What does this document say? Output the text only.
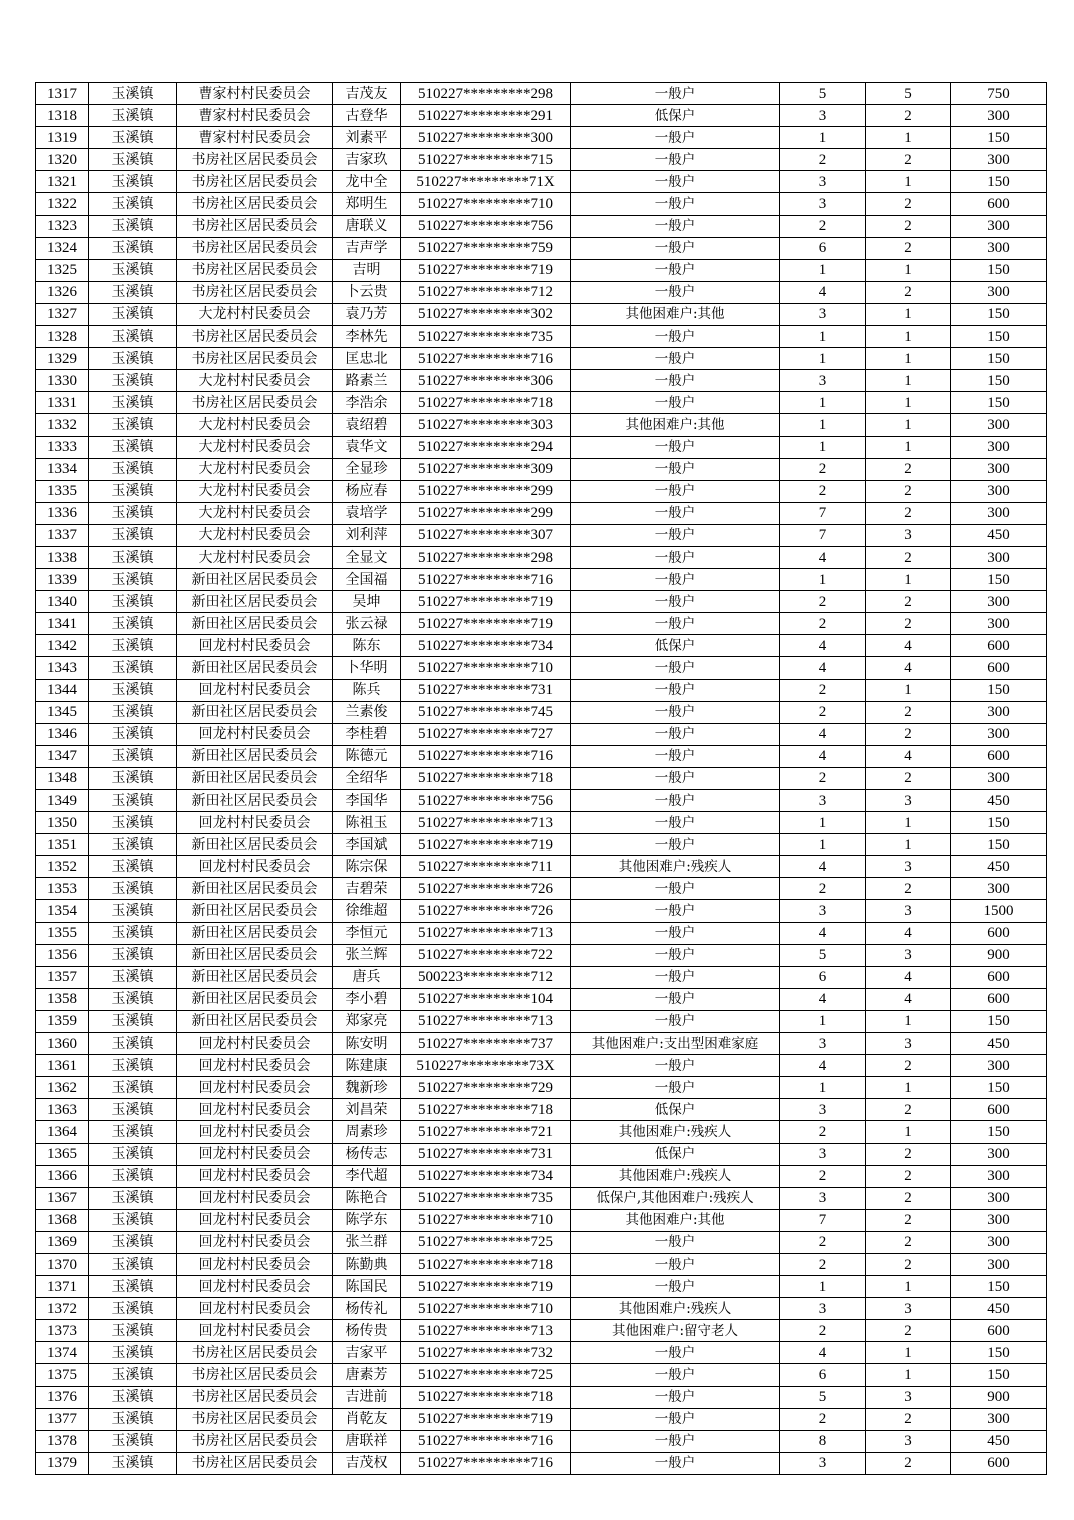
1317	玉溪镇	曹家村村民委员会	吉茂友	510227*********298	一般户	5	5	750
1318	玉溪镇	曹家村村民委员会	古登华	510227*********291	低保户	3	2	300
1319	玉溪镇	曹家村村民委员会	刘素平	510227*********300	一般户	1	1	150
1320	玉溪镇	书房社区居民委员会	吉家玖	510227*********715	一般户	2	2	300
1321	玉溪镇	书房社区居民委员会	龙中全	510227*********71X	一般户	3	1	150
1322	玉溪镇	书房社区居民委员会	郑明生	510227*********710	一般户	3	2	600
1323	玉溪镇	书房社区居民委员会	唐联义	510227*********756	一般户	2	2	300
1324	玉溪镇	书房社区居民委员会	吉声学	510227*********759	一般户	6	2	300
1325	玉溪镇	书房社区居民委员会	吉明	510227*********719	一般户	1	1	150
1326	玉溪镇	书房社区居民委员会	卜云贵	510227*********712	一般户	4	2	300
1327	玉溪镇	大龙村村民委员会	袁乃芳	510227*********302	其他困难户:其他	3	1	150
1328	玉溪镇	书房社区居民委员会	李林先	510227*********735	一般户	1	1	150
1329	玉溪镇	书房社区居民委员会	匡忠北	510227*********716	一般户	1	1	150
1330	玉溪镇	大龙村村民委员会	路素兰	510227*********306	一般户	3	1	150
1331	玉溪镇	书房社区居民委员会	李浩余	510227*********718	一般户	1	1	150
1332	玉溪镇	大龙村村民委员会	袁绍碧	510227*********303	其他困难户:其他	1	1	300
1333	玉溪镇	大龙村村民委员会	袁华文	510227*********294	一般户	1	1	300
1334	玉溪镇	大龙村村民委员会	全显珍	510227*********309	一般户	2	2	300
1335	玉溪镇	大龙村村民委员会	杨应春	510227*********299	一般户	2	2	300
1336	玉溪镇	大龙村村民委员会	袁培学	510227*********299	一般户	7	2	300
1337	玉溪镇	大龙村村民委员会	刘利萍	510227*********307	一般户	7	3	450
1338	玉溪镇	大龙村村民委员会	全显文	510227*********298	一般户	4	2	300
1339	玉溪镇	新田社区居民委员会	全国福	510227*********716	一般户	1	1	150
1340	玉溪镇	新田社区居民委员会	吴坤	510227*********719	一般户	2	2	300
1341	玉溪镇	新田社区居民委员会	张云禄	510227*********719	一般户	2	2	300
1342	玉溪镇	回龙村村民委员会	陈东	510227*********734	低保户	4	4	600
1343	玉溪镇	新田社区居民委员会	卜华明	510227*********710	一般户	4	4	600
1344	玉溪镇	回龙村村民委员会	陈兵	510227*********731	一般户	2	1	150
1345	玉溪镇	新田社区居民委员会	兰素俊	510227*********745	一般户	2	2	300
1346	玉溪镇	回龙村村民委员会	李桂碧	510227*********727	一般户	4	2	300
1347	玉溪镇	新田社区居民委员会	陈德元	510227*********716	一般户	4	4	600
1348	玉溪镇	新田社区居民委员会	全绍华	510227*********718	一般户	2	2	300
1349	玉溪镇	新田社区居民委员会	李国华	510227*********756	一般户	3	3	450
1350	玉溪镇	回龙村村民委员会	陈祖玉	510227*********713	一般户	1	1	150
1351	玉溪镇	新田社区居民委员会	李国斌	510227*********719	一般户	1	1	150
1352	玉溪镇	回龙村村民委员会	陈宗保	510227*********711	其他困难户:残疾人	4	3	450
1353	玉溪镇	新田社区居民委员会	吉碧荣	510227*********726	一般户	2	2	300
1354	玉溪镇	新田社区居民委员会	徐维超	510227*********726	一般户	3	3	1500
1355	玉溪镇	新田社区居民委员会	李恒元	510227*********713	一般户	4	4	600
1356	玉溪镇	新田社区居民委员会	张兰辉	510227*********722	一般户	5	3	900
1357	玉溪镇	新田社区居民委员会	唐兵	500223*********712	一般户	6	4	600
1358	玉溪镇	新田社区居民委员会	李小碧	510227*********104	一般户	4	4	600
1359	玉溪镇	新田社区居民委员会	郑家亮	510227*********713	一般户	1	1	150
1360	玉溪镇	回龙村村民委员会	陈安明	510227*********737	其他困难户:支出型困难家庭	3	3	450
1361	玉溪镇	回龙村村民委员会	陈建康	510227*********73X	一般户	4	2	300
1362	玉溪镇	回龙村村民委员会	魏新珍	510227*********729	一般户	1	1	150
1363	玉溪镇	回龙村村民委员会	刘昌荣	510227*********718	低保户	3	2	600
1364	玉溪镇	回龙村村民委员会	周素珍	510227*********721	其他困难户:残疾人	2	1	150
1365	玉溪镇	回龙村村民委员会	杨传志	510227*********731	低保户	3	2	300
1366	玉溪镇	回龙村村民委员会	李代超	510227*********734	其他困难户:残疾人	2	2	300
1367	玉溪镇	回龙村村民委员会	陈艳合	510227*********735	低保户,其他困难户:残疾人	3	2	300
1368	玉溪镇	回龙村村民委员会	陈学东	510227*********710	其他困难户:其他	7	2	300
1369	玉溪镇	回龙村村民委员会	张兰群	510227*********725	一般户	2	2	300
1370	玉溪镇	回龙村村民委员会	陈勤典	510227*********718	一般户	2	2	300
1371	玉溪镇	回龙村村民委员会	陈国民	510227*********719	一般户	1	1	150
1372	玉溪镇	回龙村村民委员会	杨传礼	510227*********710	其他困难户:残疾人	3	3	450
1373	玉溪镇	回龙村村民委员会	杨传贵	510227*********713	其他困难户:留守老人	2	2	600
1374	玉溪镇	书房社区居民委员会	吉家平	510227*********732	一般户	4	1	150
1375	玉溪镇	书房社区居民委员会	唐素芳	510227*********725	一般户	6	1	150
1376	玉溪镇	书房社区居民委员会	吉进前	510227*********718	一般户	5	3	900
1377	玉溪镇	书房社区居民委员会	肖乾友	510227*********719	一般户	2	2	300
1378	玉溪镇	书房社区居民委员会	唐联祥	510227*********716	一般户	8	3	450
1379	玉溪镇	书房社区居民委员会	吉茂权	510227*********716	一般户	3	2	600
